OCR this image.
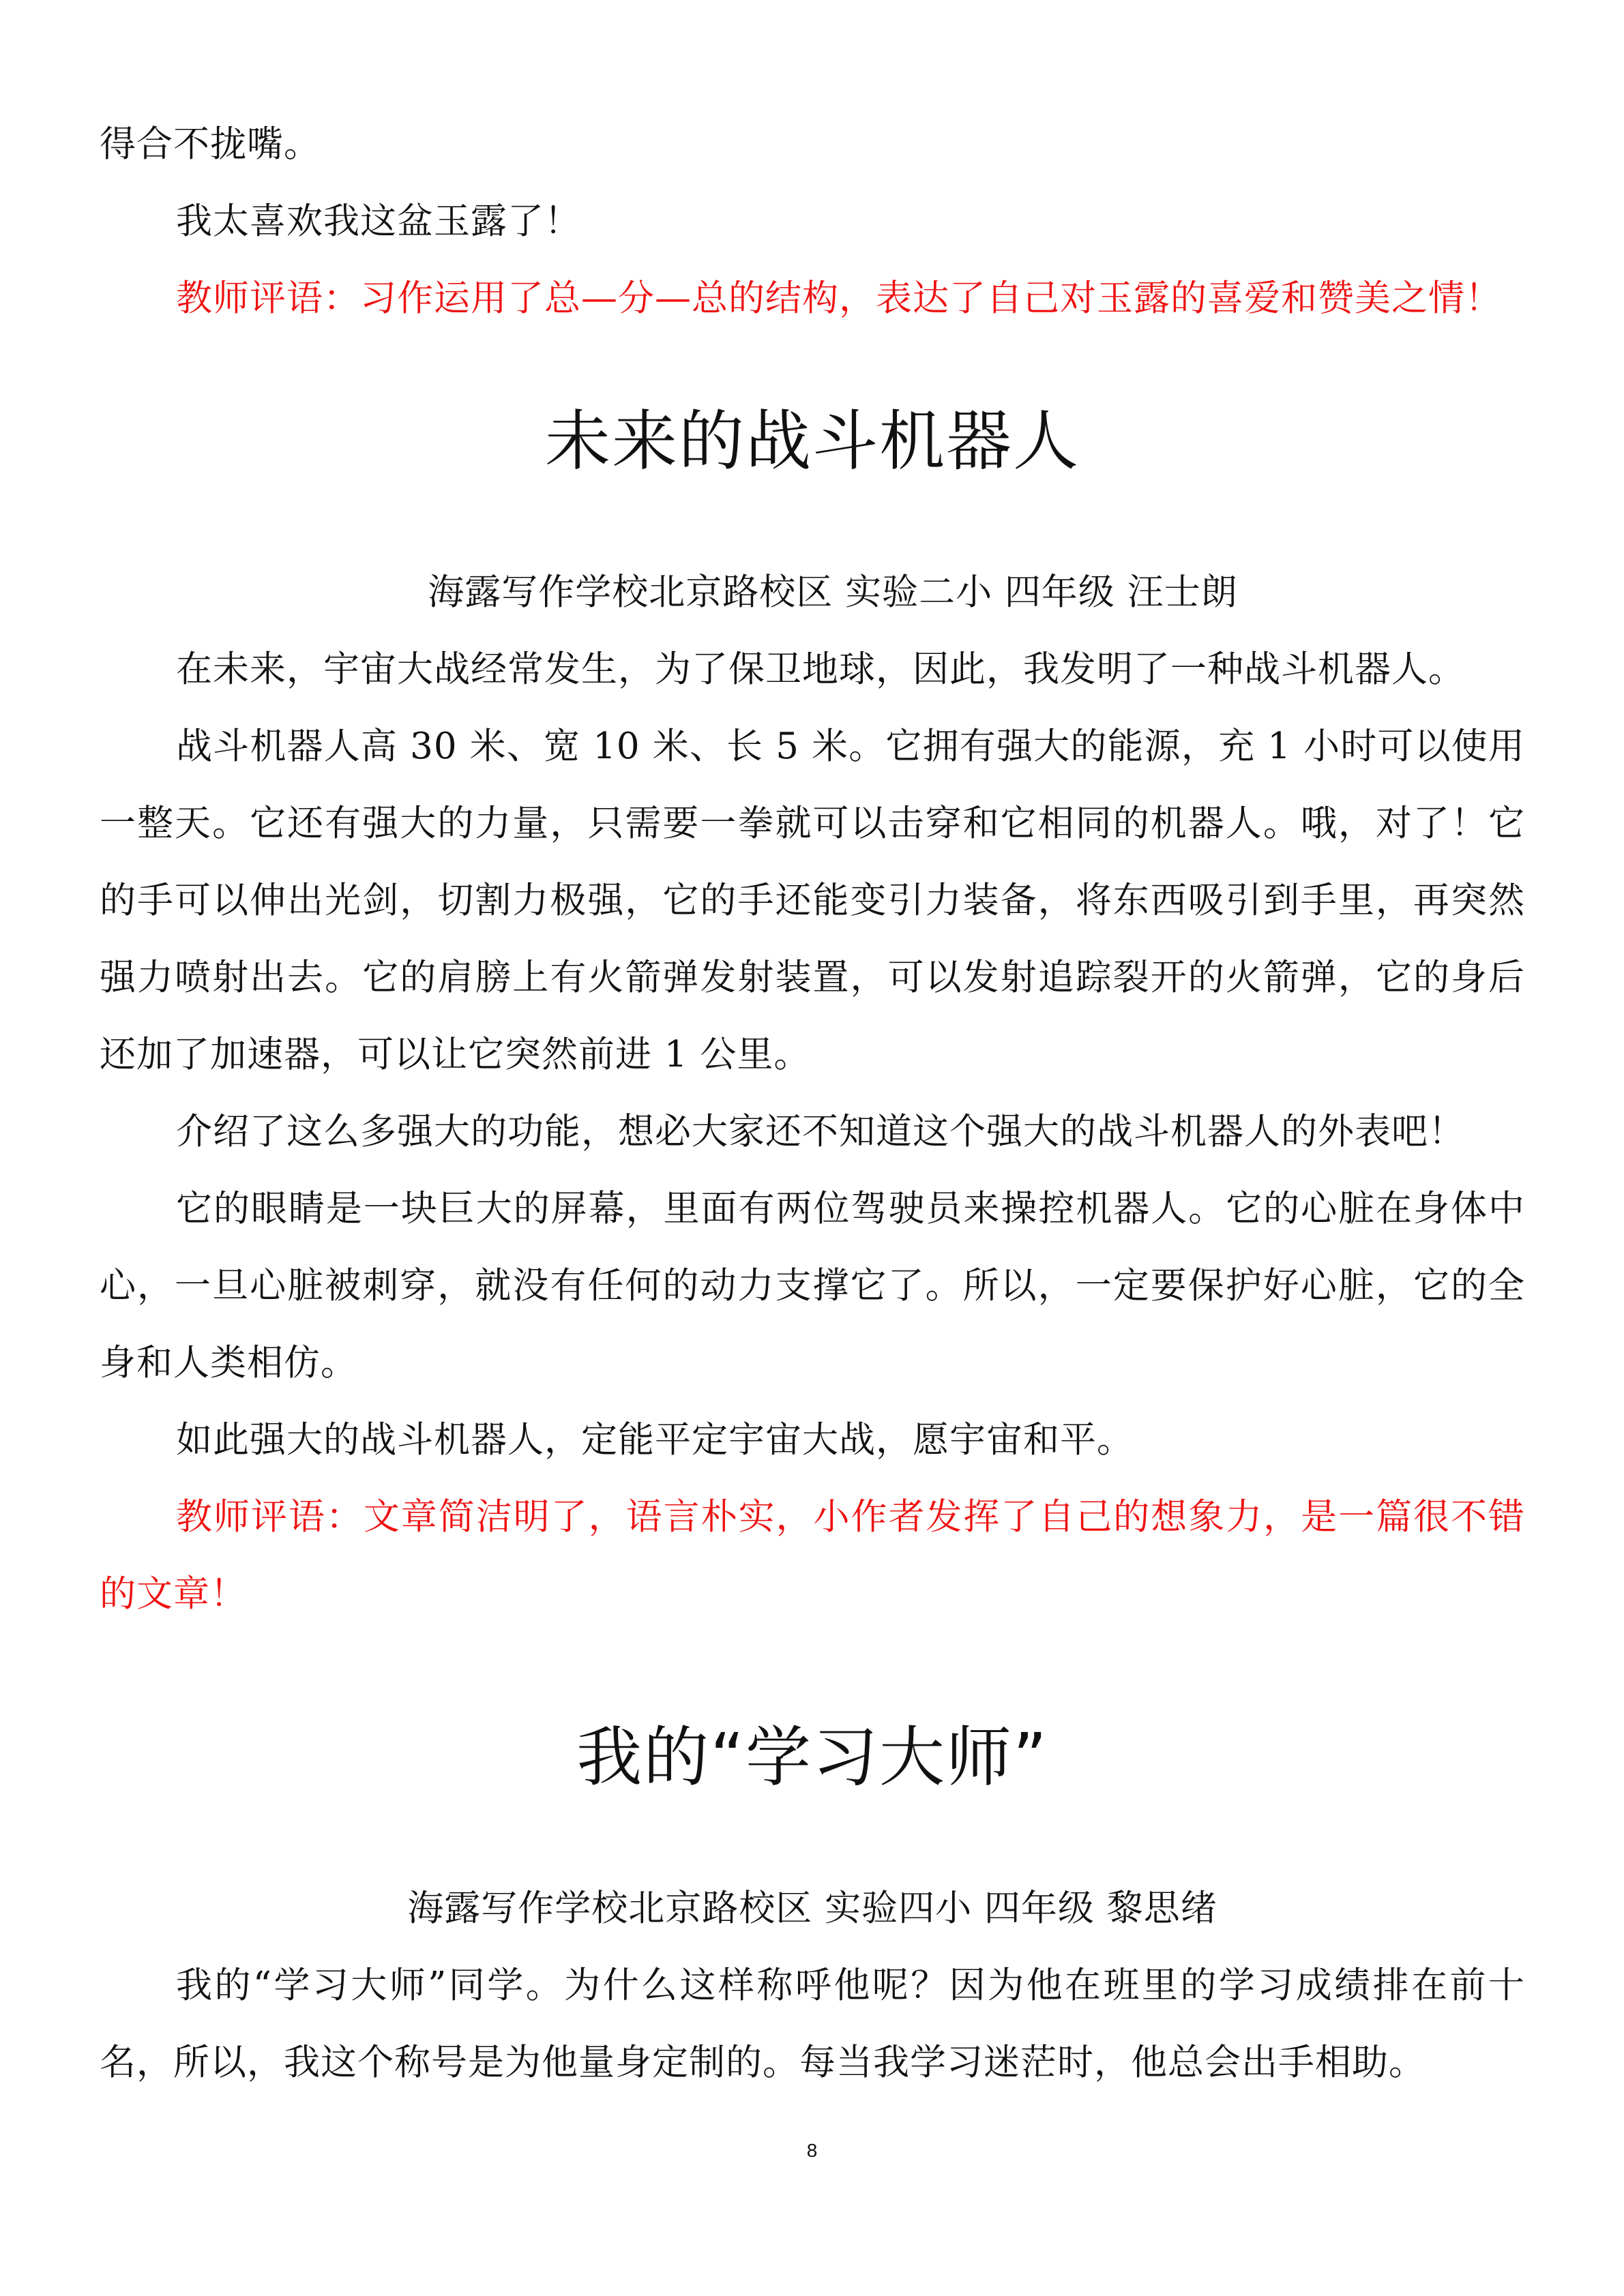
得合不拢嘴。

我太喜欢我这盆玉露了！

教师评语：习作运用了总—分—总的结构，表达了自己对玉露的喜爱和赞美之情！

未来的战斗机器人

海露写作学校北京路校区 实验二小 四年级 汪士朗

在未来，宇宙大战经常发生，为了保卫地球，因此，我发明了一种战斗机器人。

战斗机器人高 30 米、宽 10 米、长 5 米。它拥有强大的能源，充 1 小时可以使用一整天。它还有强大的力量，只需要一拳就可以击穿和它相同的机器人。哦，对了！它的手可以伸出光剑，切割力极强，它的手还能变引力装备，将东西吸引到手里，再突然强力喷射出去。它的肩膀上有火箭弹发射装置，可以发射追踪裂开的火箭弹，它的身后还加了加速器，可以让它突然前进 1 公里。

介绍了这么多强大的功能，想必大家还不知道这个强大的战斗机器人的外表吧！

它的眼睛是一块巨大的屏幕，里面有两位驾驶员来操控机器人。它的心脏在身体中心，一旦心脏被刺穿，就没有任何的动力支撑它了。所以，一定要保护好心脏，它的全身和人类相仿。

如此强大的战斗机器人，定能平定宇宙大战，愿宇宙和平。

教师评语：文章简洁明了，语言朴实，小作者发挥了自己的想象力，是一篇很不错的文章！

我的“学习大师”

海露写作学校北京路校区 实验四小 四年级 黎思绪

我的“学习大师”同学。为什么这样称呼他呢？因为他在班里的学习成绩排在前十名，所以，我这个称号是为他量身定制的。每当我学习迷茫时，他总会出手相助。

8
